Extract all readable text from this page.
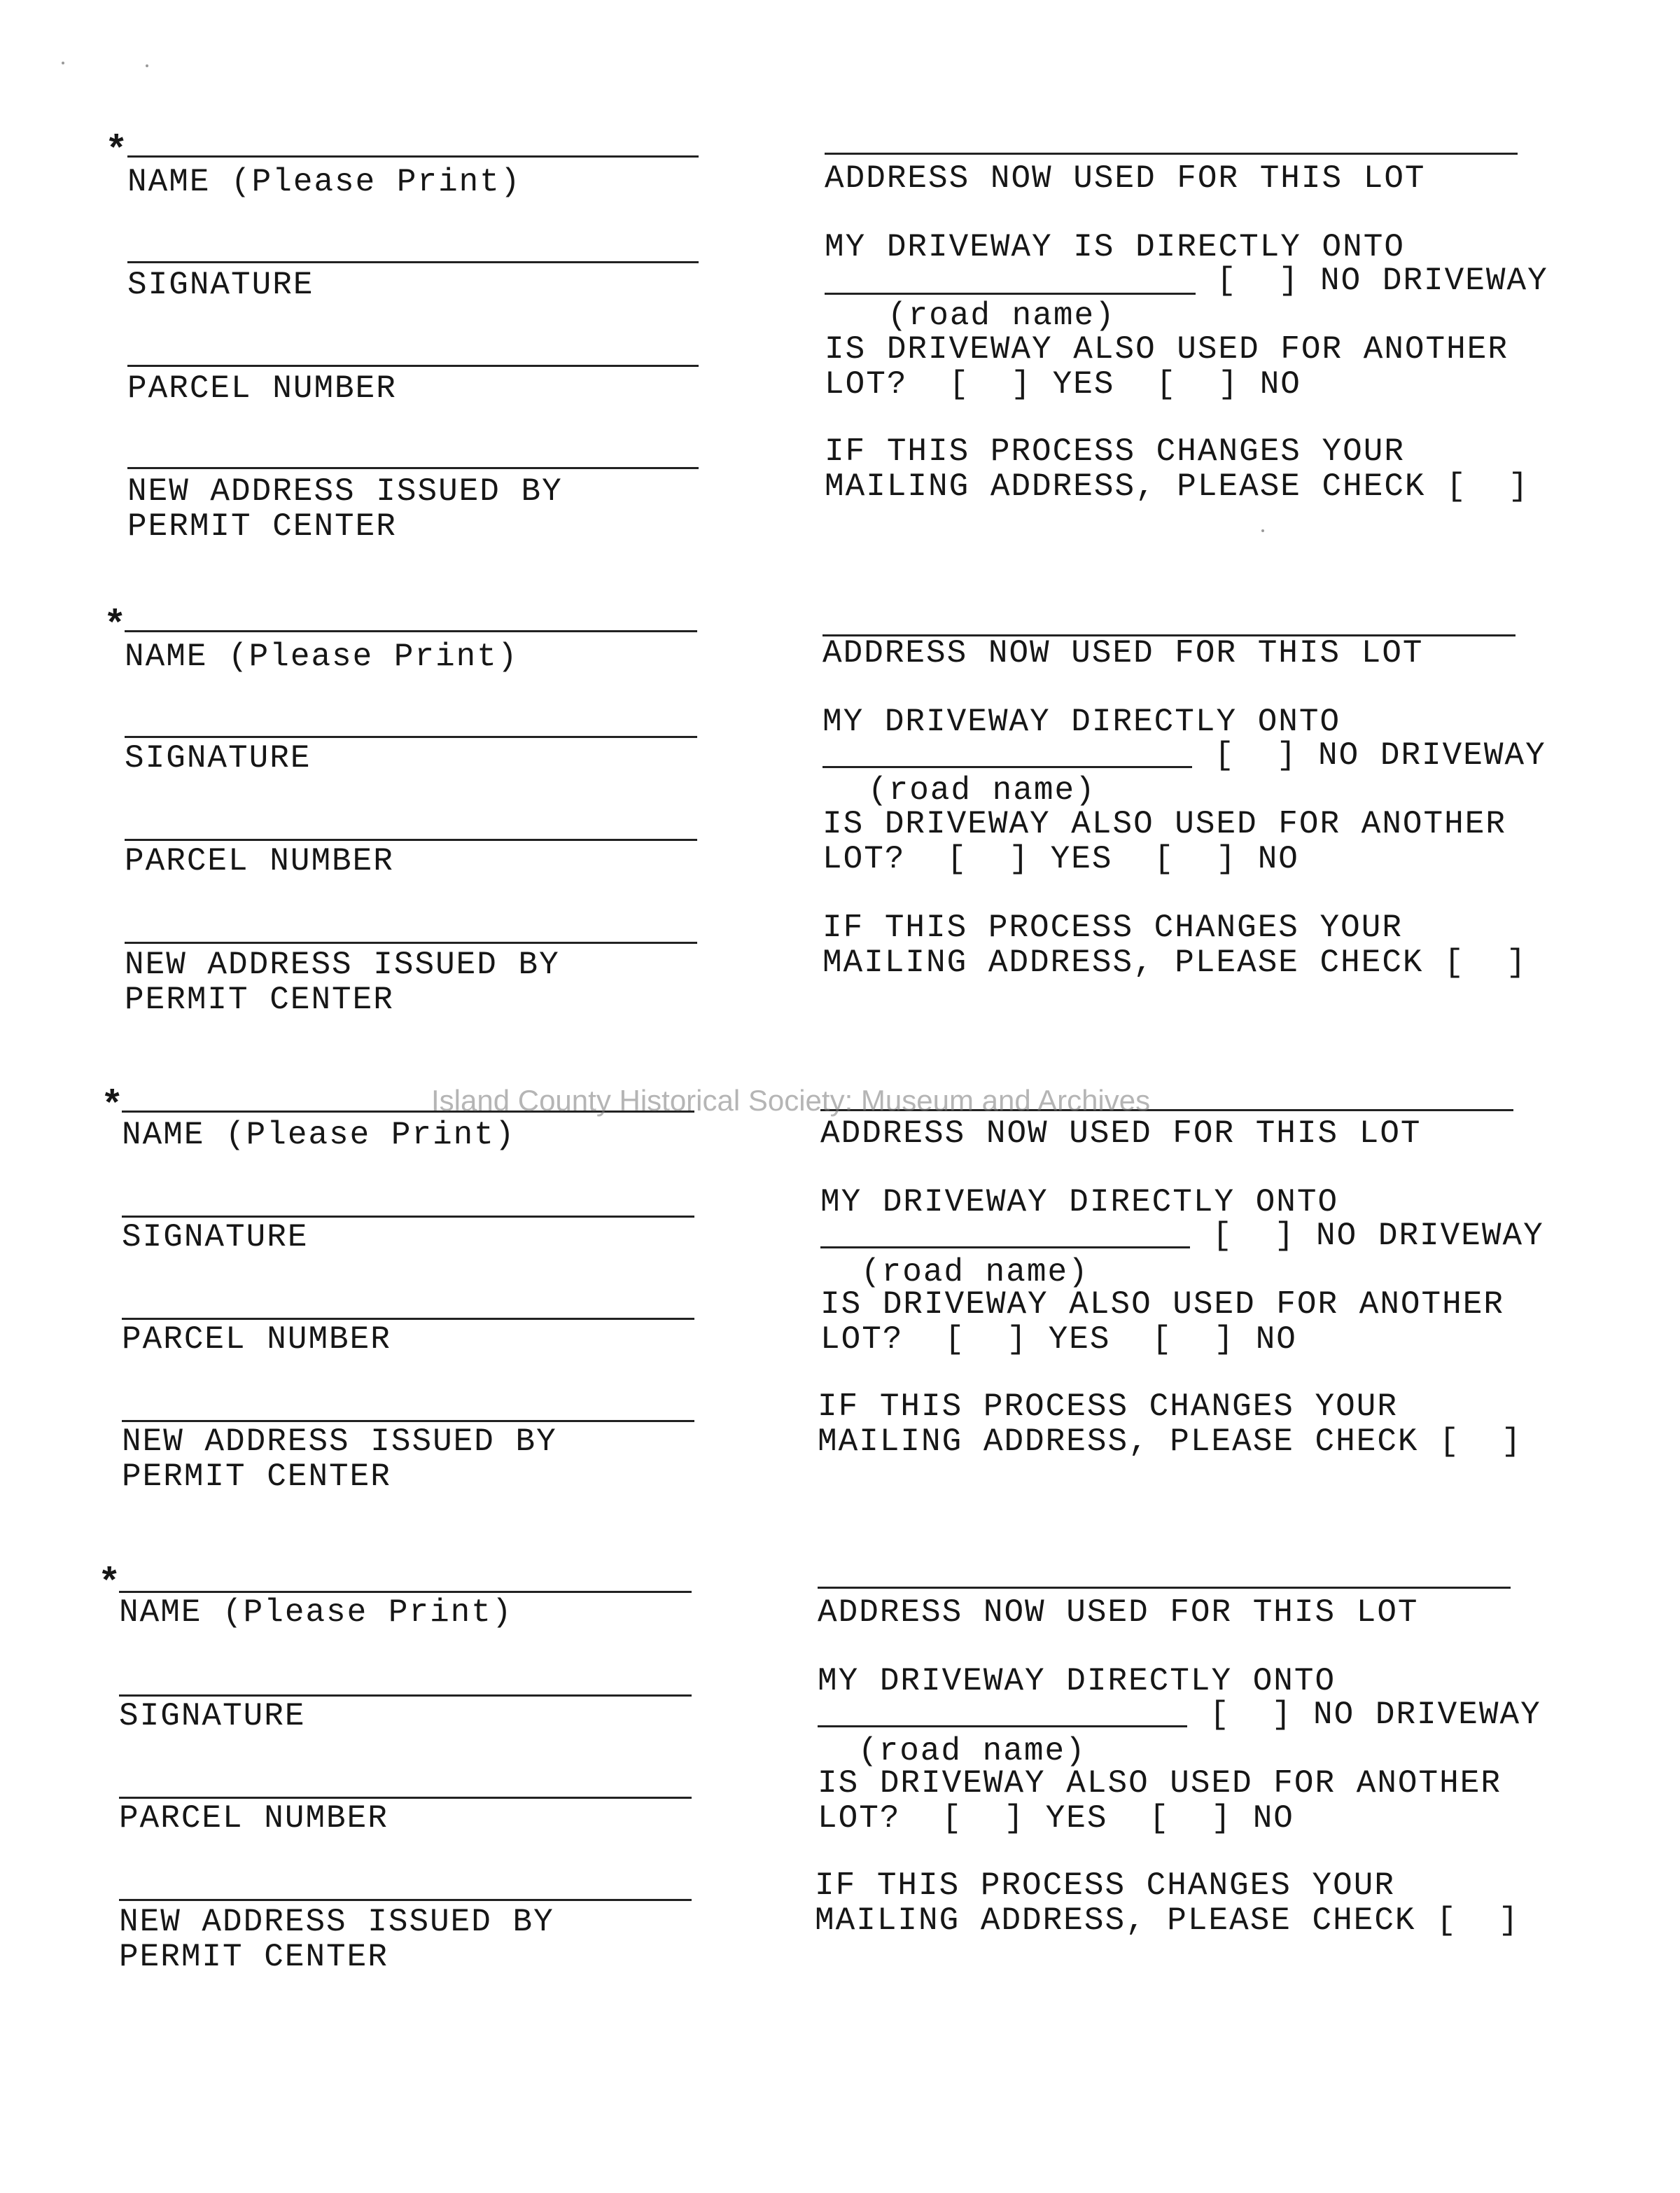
*
NAME (Please Print)
SIGNATURE
PARCEL NUMBER
NEW ADDRESS ISSUED BY
PERMIT CENTER
ADDRESS NOW USED FOR THIS LOT
MY DRIVEWAY IS DIRECTLY ONTO
[  ] NO DRIVEWAY
(road name)
IS DRIVEWAY ALSO USED FOR ANOTHER
LOT?  [  ] YES  [  ] NO
IF THIS PROCESS CHANGES YOUR
MAILING ADDRESS, PLEASE CHECK [  ]
*
NAME (Please Print)
SIGNATURE
PARCEL NUMBER
NEW ADDRESS ISSUED BY
PERMIT CENTER
ADDRESS NOW USED FOR THIS LOT
MY DRIVEWAY DIRECTLY ONTO
[  ] NO DRIVEWAY
(road name)
IS DRIVEWAY ALSO USED FOR ANOTHER
LOT?  [  ] YES  [  ] NO
IF THIS PROCESS CHANGES YOUR
MAILING ADDRESS, PLEASE CHECK [  ]
*
NAME (Please Print)
SIGNATURE
PARCEL NUMBER
NEW ADDRESS ISSUED BY
PERMIT CENTER
ADDRESS NOW USED FOR THIS LOT
MY DRIVEWAY DIRECTLY ONTO
[  ] NO DRIVEWAY
(road name)
IS DRIVEWAY ALSO USED FOR ANOTHER
LOT?  [  ] YES  [  ] NO
IF THIS PROCESS CHANGES YOUR
MAILING ADDRESS, PLEASE CHECK [  ]
*
NAME (Please Print)
SIGNATURE
PARCEL NUMBER
NEW ADDRESS ISSUED BY
PERMIT CENTER
ADDRESS NOW USED FOR THIS LOT
MY DRIVEWAY DIRECTLY ONTO
[  ] NO DRIVEWAY
(road name)
IS DRIVEWAY ALSO USED FOR ANOTHER
LOT?  [  ] YES  [  ] NO
IF THIS PROCESS CHANGES YOUR
MAILING ADDRESS, PLEASE CHECK [  ]
Island County Historical Society: Museum and Archives
